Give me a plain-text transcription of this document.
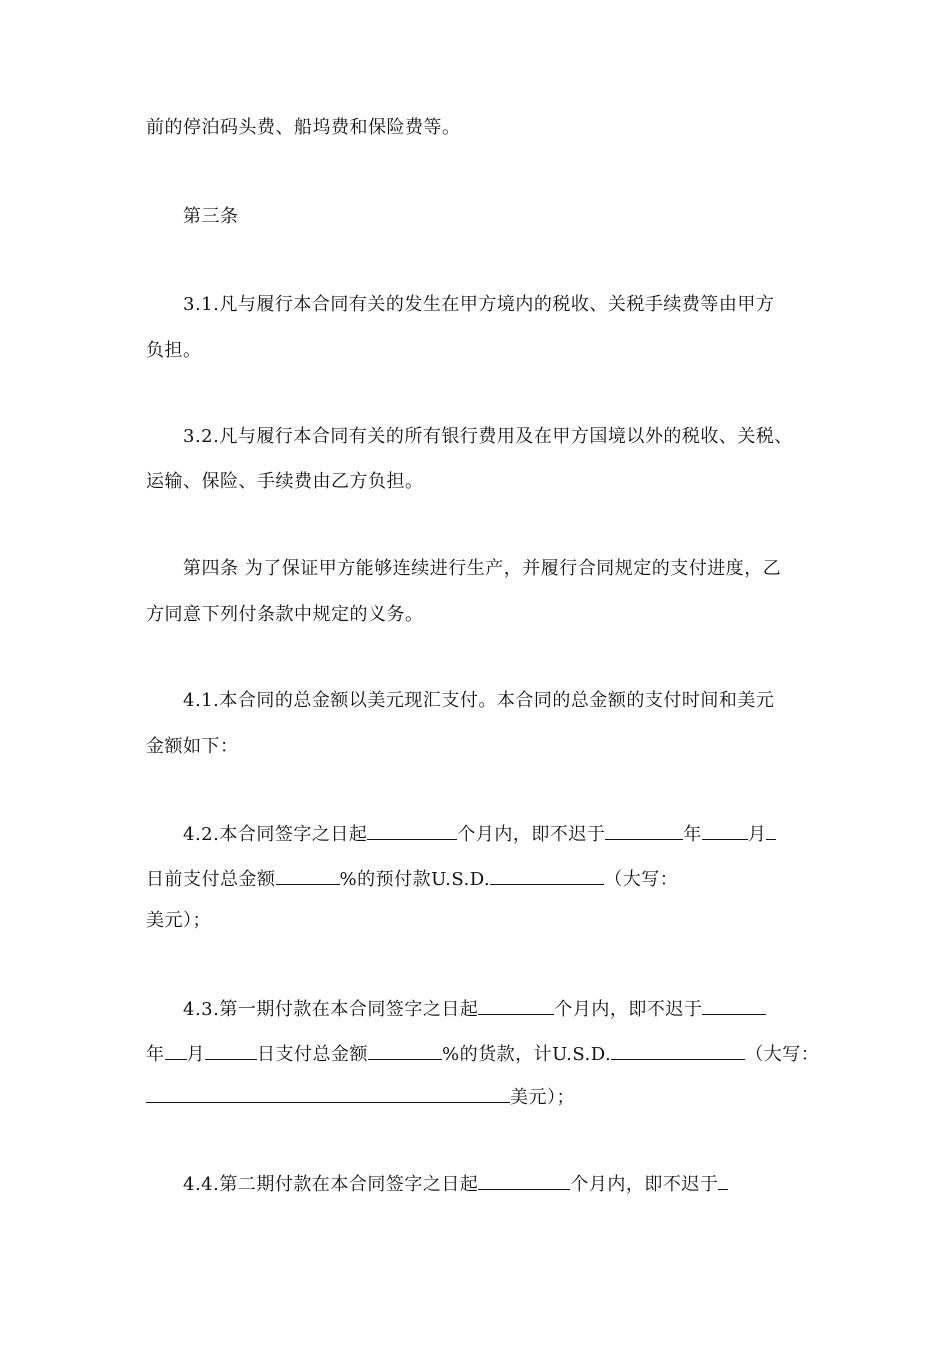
前的停泊码头费、船坞费和保险费等。
第三条
3.1.凡与履行本合同有关的发生在甲方境内的税收、关税手续费等由甲方
负担。
3.2.凡与履行本合同有关的所有银行费用及在甲方国境以外的税收、关税、
运输、保险、手续费由乙方负担。
第四条 为了保证甲方能够连续进行生产，并履行合同规定的支付进度，乙
方同意下列付条款中规定的义务。
4.1.本合同的总金额以美元现汇支付。本合同的总金额的支付时间和美元
金额如下：
4.2.本合同签字之日起	个月内，即不迟于	年	月
日前支付总金额	%的预付款U.S.D.	（大写：
美元）；
4.3.第一期付款在本合同签字之日起	个月内，即不迟于
年 月	日支付总金额	%的货款，计U.S.D.	（大写：
美元）；
4.4.第二期付款在本合同签字之日起	个月内，即不迟于
